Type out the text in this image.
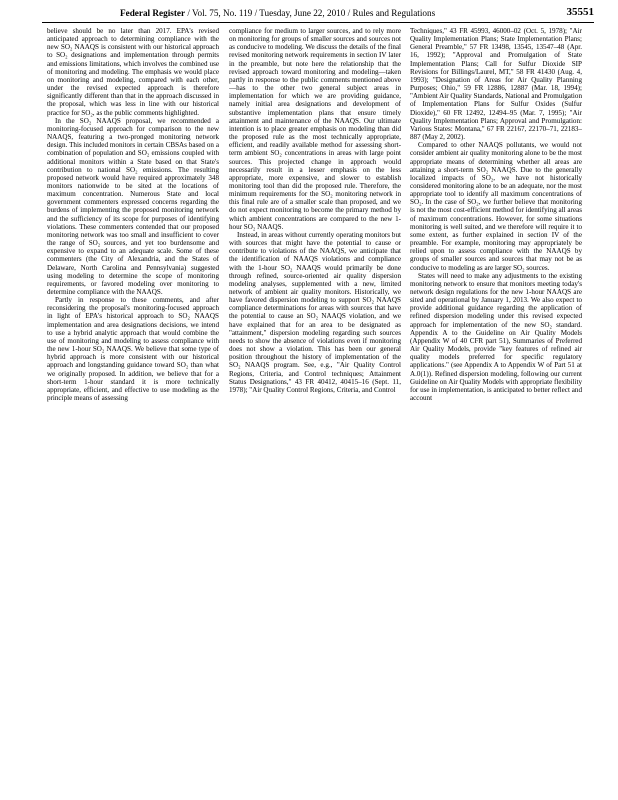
Federal Register / Vol. 75, No. 119 / Tuesday, June 22, 2010 / Rules and Regulations	35551

believe should be no later than 2017. EPA's revised anticipated approach to determining compliance with the new SO₂ NAAQS is consistent with our historical approach to SO₂ designations and implementation through permits and emissions limitations, which involves the combined use of monitoring and modeling. The emphasis we would place on monitoring and modeling, compared with each other, under the revised expected approach is therefore significantly different than that in the approach discussed in the proposal, which was less in line with our historical practice for SO₂, as the public comments highlighted.

In the SO₂ NAAQS proposal, we recommended a monitoring-focused approach for comparison to the new NAAQS, featuring a two-pronged monitoring network design. This included monitors in certain CBSAs based on a combination of population and SO₂ emissions coupled with additional monitors within a State based on that State's contribution to national SO₂ emissions. The resulting proposed network would have required approximately 348 monitors nationwide to be sited at the locations of maximum concentration. Numerous State and local government commenters expressed concerns regarding the burdens of implementing the proposed monitoring network and the sufficiency of its scope for purposes of identifying violations. These commenters contended that our proposed monitoring network was too small and insufficient to cover the range of SO₂ sources, and yet too burdensome and expensive to expand to an adequate scale. Some of these commenters (the City of Alexandria, and the States of Delaware, North Carolina and Pennsylvania) suggested using modeling to determine the scope of monitoring requirements, or favored modeling over monitoring to determine compliance with the NAAQS.

Partly in response to these comments, and after reconsidering the proposal's monitoring-focused approach in light of EPA's historical approach to SO₂ NAAQS implementation and area designations decisions, we intend to use a hybrid analytic approach that would combine the use of monitoring and modeling to assess compliance with the new 1-hour SO₂ NAAQS. We believe that some type of hybrid approach is more consistent with our historical approach and longstanding guidance toward SO₂ than what we originally proposed. In addition, we believe that for a short-term 1-hour standard it is more technically appropriate, efficient, and effective to use modeling as the principle means of assessing

compliance for medium to larger sources, and to rely more on monitoring for groups of smaller sources and sources not as conducive to modeling. We discuss the details of the final revised monitoring network requirements in section IV later in the preamble, but note here the relationship that the revised approach toward monitoring and modeling—taken partly in response to the public comments mentioned above—has to the other two general subject areas in implementation for which we are providing guidance, namely initial area designations and development of substantive implementation plans that ensure timely attainment and maintenance of the NAAQS. Our ultimate intention is to place greater emphasis on modeling than did the proposed rule as the most technically appropriate, efficient, and readily available method for assessing short-term ambient SO₂ concentrations in areas with large point sources. This projected change in approach would necessarily result in a lesser emphasis on the less appropriate, more expensive, and slower to establish monitoring tool than did the proposed rule. Therefore, the minimum requirements for the SO₂ monitoring network in this final rule are of a smaller scale than proposed, and we do not expect monitoring to become the primary method by which ambient concentrations are compared to the new 1-hour SO₂ NAAQS.

Instead, in areas without currently operating monitors but with sources that might have the potential to cause or contribute to violations of the NAAQS, we anticipate that the identification of NAAQS violations and compliance with the 1-hour SO₂ NAAQS would primarily be done through refined, source-oriented air quality dispersion modeling analyses, supplemented with a new, limited network of ambient air quality monitors. Historically, we have favored dispersion modeling to support SO₂ NAAQS compliance determinations for areas with sources that have the potential to cause an SO₂ NAAQS violation, and we have explained that for an area to be designated as "attainment," dispersion modeling regarding such sources needs to show the absence of violations even if monitoring does not show a violation. This has been our general position throughout the history of implementation of the SO₂ NAAQS program. See, e.g., "Air Quality Control Regions, Criteria, and Control techniques; Attainment Status Designations," 43 FR 40412, 40415–16 (Sept. 11, 1978); "Air Quality Control Regions, Criteria, and Control

Techniques," 43 FR 45993, 46000–02 (Oct. 5, 1978); "Air Quality Implementation Plans; State Implementation Plans; General Preamble," 57 FR 13498, 13545, 13547–48 (Apr. 16, 1992); "Approval and Promulgation of State Implementation Plans; Call for Sulfur Dioxide SIP Revisions for Billings/Laurel, MT," 58 FR 41430 (Aug. 4, 1993); "Designation of Areas for Air Quality Planning Purposes; Ohio," 59 FR 12886, 12887 (Mar. 18, 1994); "Ambient Air Quality Standards, National and Promulgation of Implementation Plans for Sulfur Oxides (Sulfur Dioxide)," 60 FR 12492, 12494–95 (Mar. 7, 1995); "Air Quality Implementation Plans; Approval and Promulgation: Various States: Montana," 67 FR 22167, 22170–71, 22183–887 (May 2, 2002).

Compared to other NAAQS pollutants, we would not consider ambient air quality monitoring alone to be the most appropriate means of determining whether all areas are attaining a short-term SO₂ NAAQS. Due to the generally localized impacts of SO₂, we have not historically considered monitoring alone to be an adequate, nor the most appropriate tool to identify all maximum concentrations of SO₂. In the case of SO₂, we further believe that monitoring is not the most cost-efficient method for identifying all areas of maximum concentrations. However, for some situations monitoring is well suited, and we therefore will require it to some extent, as further explained in section IV of the preamble. For example, monitoring may appropriately be relied upon to assess compliance with the NAAQS by groups of smaller sources and sources that may not be as conducive to modeling as are larger SO₂ sources.

States will need to make any adjustments to the existing monitoring network to ensure that monitors meeting today's network design regulations for the new 1-hour NAAQS are sited and operational by January 1, 2013. We also expect to provide additional guidance regarding the application of refined dispersion modeling under this revised expected approach for implementation of the new SO₂ standard. Appendix A to the Guideline on Air Quality Models (Appendix W of 40 CFR part 51), Summaries of Preferred Air Quality Models, provide "key features of refined air quality models preferred for specific regulatory applications." (see Appendix A to Appendix W of Part 51 at A.0(1)). Refined dispersion modeling, following our current Guideline on Air Quality Models with appropriate flexibility for use in implementation, is anticipated to better reflect and account
